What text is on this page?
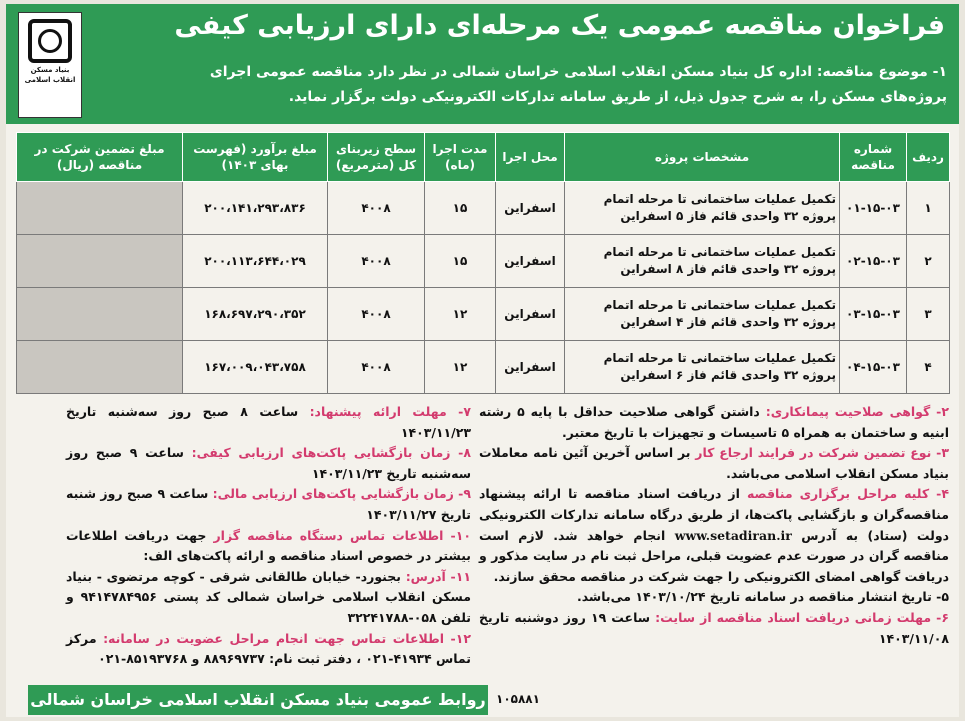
بنیاد مسکن انقلاب اسلامی
فراخوان مناقصه عمومی یک مرحله‌ای دارای ارزیابی کیفی
۱- موضوع مناقصه: اداره کل بنیاد مسکن انقلاب اسلامی خراسان شمالی در نظر دارد مناقصه عمومی اجرای پروژه‌های مسکن را، به شرح جدول ذیل، از طریق سامانه تدارکات الکترونیکی دولت برگزار نماید.
ردیف	شماره مناقصه	مشخصات پروژه	محل اجرا	مدت اجرا (ماه)	سطح زیربنای کل (مترمربع)	مبلغ برآورد (فهرست بهای ۱۴۰۳)	مبلغ تضمین شرکت در مناقصه (ریال)
۱	۰۱-۱۵-۰۳	تکمیل عملیات ساختمانی تا مرحله اتمام پروژه ۳۲ واحدی قائم فاز ۵ اسفراین	اسفراین	۱۵	۴۰۰۸	۲۰۰،۱۴۱،۲۹۳،۸۳۶	
۲	۰۲-۱۵-۰۳	تکمیل عملیات ساختمانی تا مرحله اتمام پروژه ۳۲ واحدی قائم فاز ۸ اسفراین	اسفراین	۱۵	۴۰۰۸	۲۰۰،۱۱۳،۶۴۴،۰۲۹	
۳	۰۳-۱۵-۰۳	تکمیل عملیات ساختمانی تا مرحله اتمام پروژه ۳۲ واحدی قائم فاز ۴ اسفراین	اسفراین	۱۲	۴۰۰۸	۱۶۸،۶۹۷،۲۹۰،۳۵۲	
۴	۰۴-۱۵-۰۳	تکمیل عملیات ساختمانی تا مرحله اتمام پروژه ۳۲ واحدی قائم فاز ۶ اسفراین	اسفراین	۱۲	۴۰۰۸	۱۶۷،۰۰۹،۰۴۳،۷۵۸	

۲- گواهی صلاحیت پیمانکاری: داشتن گواهی صلاحیت حداقل با پایه ۵ رشته ابنیه و ساختمان به همراه ۵ تاسیسات و تجهیزات با تاریخ معتبر.

۳- نوع تضمین شرکت در فرایند ارجاع کار بر اساس آخرین آئین نامه معاملات بنیاد مسکن انقلاب اسلامی می‌باشد.

۴- کلیه مراحل برگزاری مناقصه از دریافت اسناد مناقصه تا ارائه پیشنهاد مناقصه‌گران و بازگشایی پاکت‌ها، از طریق درگاه سامانه تدارکات الکترونیکی دولت (ستاد) به آدرس www.setadiran.ir انجام خواهد شد. لازم است مناقصه گران در صورت عدم عضویت قبلی، مراحل ثبت نام در سایت مذکور و دریافت گواهی امضای الکترونیکی را جهت شرکت در مناقصه محقق سازند.

۵- تاریخ انتشار مناقصه در سامانه تاریخ ۱۴۰۳/۱۰/۲۴ می‌باشد.

۶- مهلت زمانی دریافت اسناد مناقصه از سایت: ساعت ۱۹ روز دوشنبه تاریخ ۱۴۰۳/۱۱/۰۸

۷- مهلت ارائه پیشنهاد: ساعت ۸ صبح روز سه‌شنبه تاریخ ۱۴۰۳/۱۱/۲۳

۸- زمان بازگشایی پاکت‌های ارزیابی کیفی: ساعت ۹ صبح روز سه‌شنبه تاریخ ۱۴۰۳/۱۱/۲۳

۹- زمان بازگشایی پاکت‌های ارزیابی مالی: ساعت ۹ صبح روز شنبه تاریخ ۱۴۰۳/۱۱/۲۷

۱۰- اطلاعات تماس دستگاه مناقصه گزار جهت دریافت اطلاعات بیشتر در خصوص اسناد مناقصه و ارائه پاکت‌های الف:

۱۱- آدرس: بجنورد- خیابان طالقانی شرقی - کوچه مرتضوی - بنیاد مسکن انقلاب اسلامی خراسان شمالی کد پستی ۹۴۱۴۷۸۴۹۵۶ و تلفن ۰۵۸-۳۲۲۴۱۷۸۸

۱۲- اطلاعات تماس جهت انجام مراحل عضویت در سامانه: مرکز تماس ۴۱۹۳۴-۰۲۱ ، دفتر ثبت نام: ۸۸۹۶۹۷۳۷ و ۸۵۱۹۳۷۶۸-۰۲۱

روابط عمومی بنیاد مسکن انقلاب اسلامی خراسان شمالی ۱۰۵۸۸۱
